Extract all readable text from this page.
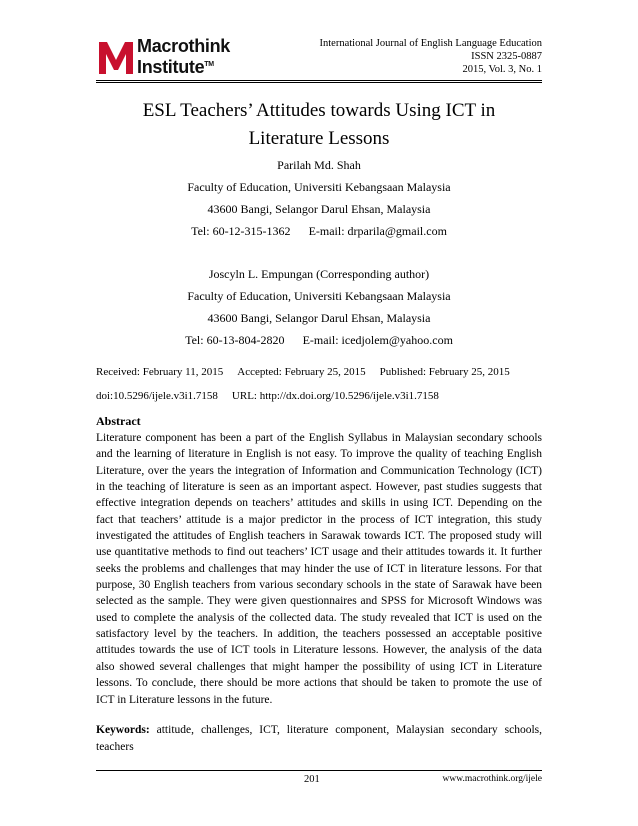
Macrothink
Institute™
International Journal of English Language Education
ISSN 2325-0887
2015, Vol. 3, No. 1
ESL Teachers’ Attitudes towards Using ICT in
Literature Lessons
Parilah Md. Shah
Faculty of Education, Universiti Kebangsaan Malaysia
43600 Bangi, Selangor Darul Ehsan, Malaysia
Tel: 60-12-315-1362 E-mail: drparila@gmail.com
Joscyln L. Empungan (Corresponding author)
Faculty of Education, Universiti Kebangsaan Malaysia
43600 Bangi, Selangor Darul Ehsan, Malaysia
Tel: 60-13-804-2820 E-mail: icedjolem@yahoo.com
Received: February 11, 2015 Accepted: February 25, 2015 Published: February 25, 2015
doi:10.5296/ijele.v3i1.7158 URL: http://dx.doi.org/10.5296/ijele.v3i1.7158
Abstract
Literature component has been a part of the English Syllabus in Malaysian secondary schools and the learning of literature in English is not easy. To improve the quality of teaching English Literature, over the years the integration of Information and Communication Technology (ICT) in the teaching of literature is seen as an important aspect. However, past studies suggests that effective integration depends on teachers’ attitudes and skills in using ICT. Depending on the fact that teachers’ attitude is a major predictor in the process of ICT integration, this study investigated the attitudes of English teachers in Sarawak towards ICT. The proposed study will use quantitative methods to find out teachers’ ICT usage and their attitudes towards it. It further seeks the problems and challenges that may hinder the use of ICT in literature lessons. For that purpose, 30 English teachers from various secondary schools in the state of Sarawak have been selected as the sample. They were given questionnaires and SPSS for Microsoft Windows was used to complete the analysis of the collected data. The study revealed that ICT is used on the satisfactory level by the teachers. In addition, the teachers possessed an acceptable positive attitudes towards the use of ICT tools in Literature lessons. However, the analysis of the data also showed several challenges that might hamper the possibility of using ICT in Literature lessons. To conclude, there should be more actions that should be taken to promote the use of ICT in Literature lessons in the future.
Keywords: attitude, challenges, ICT, literature component, Malaysian secondary schools, teachers
201	www.macrothink.org/ijele
